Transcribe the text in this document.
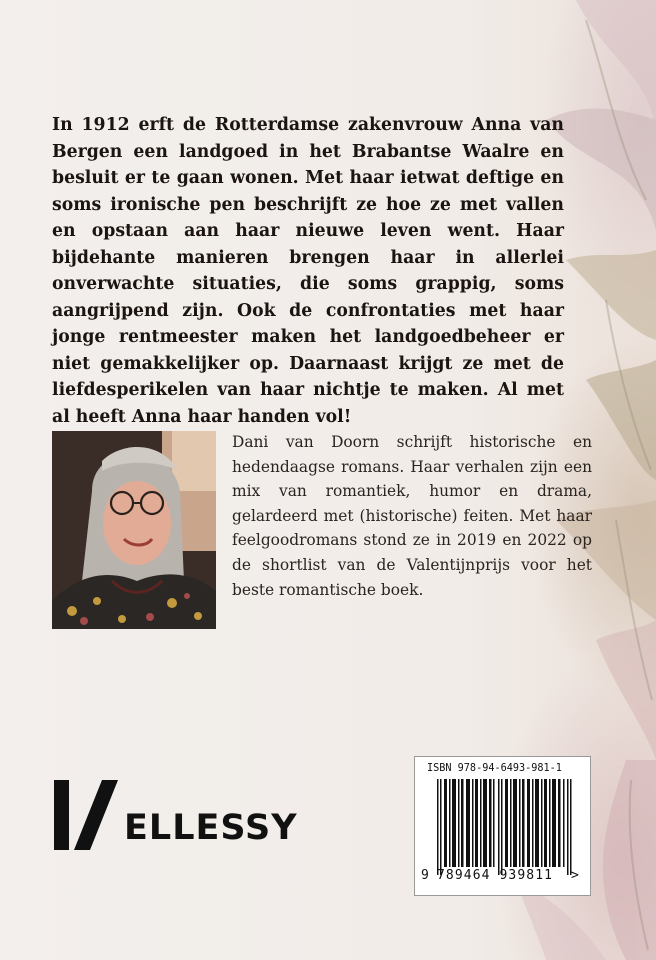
In 1912 erft de Rotterdamse zakenvrouw Anna van Bergen een landgoed in het Brabantse Waalre en besluit er te gaan wonen. Met haar ietwat deftige en soms ironische pen beschrijft ze hoe ze met vallen en opstaan aan haar nieuwe leven went. Haar bijdehante manieren brengen haar in allerlei onverwachte situaties, die soms grappig, soms aangrijpend zijn. Ook de confrontaties met haar jonge rentmeester maken het landgoedbeheer er niet gemakkelijker op. Daarnaast krijgt ze met de liefdesperikelen van haar nichtje te maken. Al met al heeft Anna haar handen vol!

Dani van Doorn schrijft historische en hedendaagse romans. Haar verhalen zijn een mix van romantiek, humor en drama, gelardeerd met (historische) feiten. Met haar feelgoodromans stond ze in 2019 en 2022 op de shortlist van de Valentijnprijs voor het beste romantische boek.

ELLESSY
ISBN 978-94-6493-981-1
9 789464 939811 >
